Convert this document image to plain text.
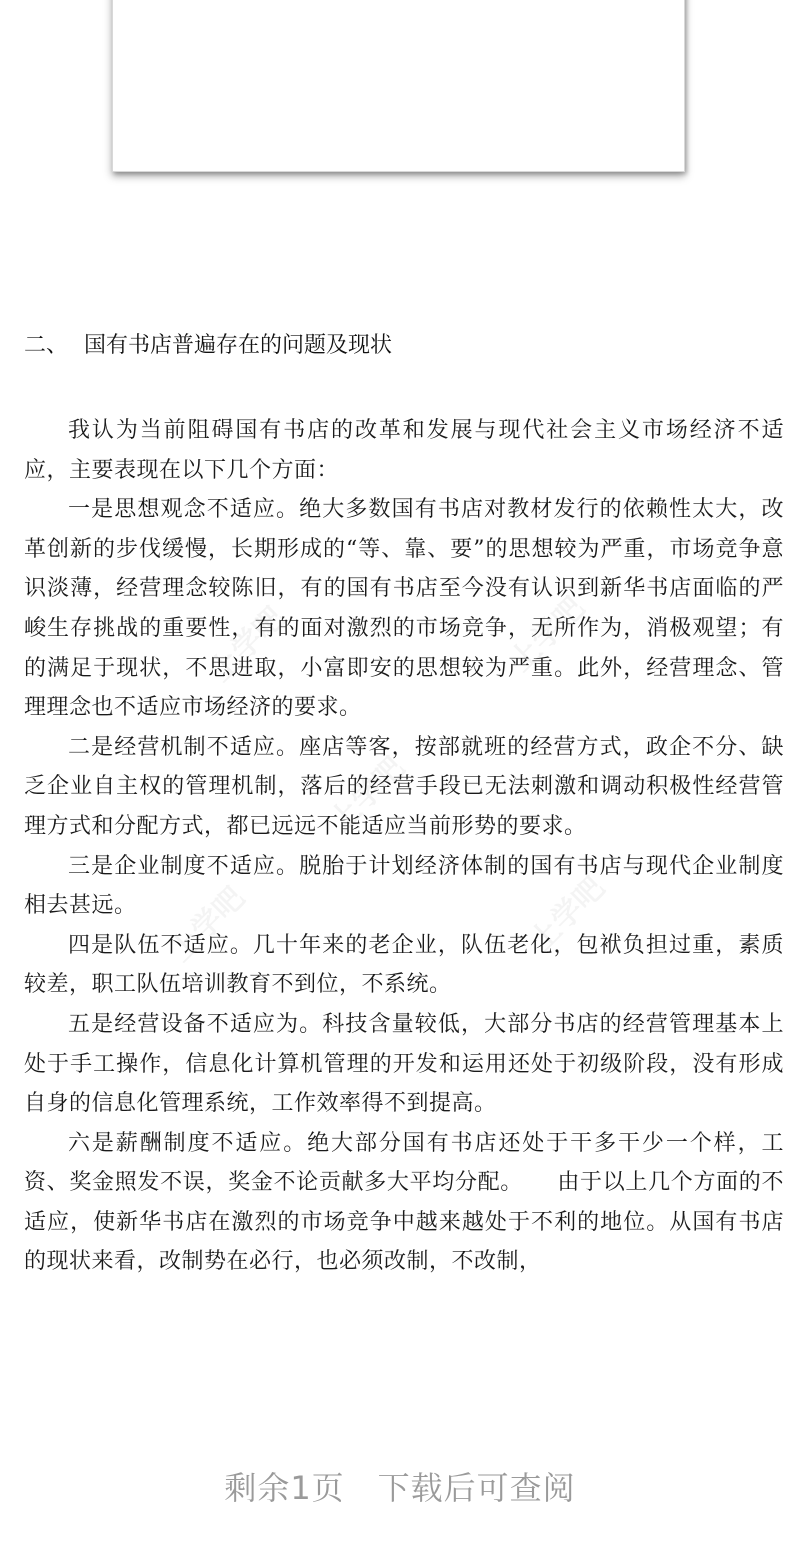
二、 国有书店普遍存在的问题及现状

我认为当前阻碍国有书店的改革和发展与现代社会主义市场经济不适应，主要表现在以下几个方面：

一是思想观念不适应。绝大多数国有书店对教材发行的依赖性太大，改革创新的步伐缓慢，长期形成的“等、靠、要”的思想较为严重，市场竞争意识淡薄，经营理念较陈旧，有的国有书店至今没有认识到新华书店面临的严峻生存挑战的重要性，有的面对激烈的市场竞争，无所作为，消极观望；有的满足于现状，不思进取，小富即安的思想较为严重。此外，经营理念、管理理念也不适应市场经济的要求。

二是经营机制不适应。座店等客，按部就班的经营方式，政企不分、缺乏企业自主权的管理机制，落后的经营手段已无法刺激和调动积极性经营管理方式和分配方式，都已远远不能适应当前形势的要求。

三是企业制度不适应。脱胎于计划经济体制的国有书店与现代企业制度相去甚远。

四是队伍不适应。几十年来的老企业，队伍老化，包袱负担过重，素质较差，职工队伍培训教育不到位，不系统。

五是经营设备不适应为。科技含量较低，大部分书店的经营管理基本上处于手工操作，信息化计算机管理的开发和运用还处于初级阶段，没有形成自身的信息化管理系统，工作效率得不到提高。

六是薪酬制度不适应。绝大部分国有书店还处于干多干少一个样，工资、奖金照发不误，奖金不论贡献多大平均分配。　　由于以上几个方面的不适应，使新华书店在激烈的市场竞争中越来越处于不利的地位。从国有书店的现状来看，改制势在必行，也必须改制，不改制，

剩余1页　下载后可查阅
